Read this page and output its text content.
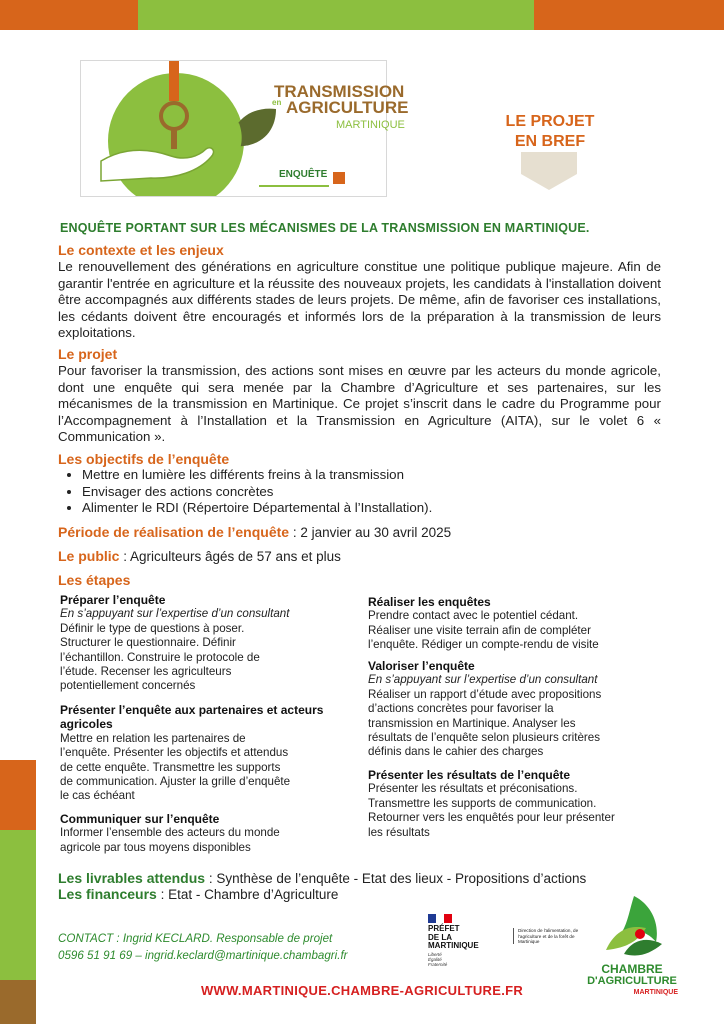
TRANSMISSION
en AGRICULTURE
MARTINIQUE
ENQUÊTE
LE PROJET
EN BREF
ENQUÊTE PORTANT SUR LES MÉCANISMES DE LA TRANSMISSION EN MARTINIQUE.
Le contexte et les enjeux
Le renouvellement des générations en agriculture constitue une politique publique majeure. Afin de garantir l'entrée en agriculture et la réussite des nouveaux projets, les candidats à l'installation doivent être accompagnés aux différents stades de leurs projets. De même, afin de favoriser ces installations, les cédants doivent être encouragés et informés lors de la préparation à la transmission de leurs exploitations.
Le projet
Pour favoriser la transmission, des actions sont mises en œuvre par les acteurs du monde agricole, dont une enquête qui sera menée par la Chambre d’Agriculture et ses partenaires, sur les mécanismes de la transmission en Martinique. Ce projet s’inscrit dans le cadre du Programme pour l’Accompagnement à l’Installation et la Transmission en Agriculture (AITA), sur le volet 6 « Communication ».
Les objectifs de l’enquête
• Mettre en lumière les différents freins à la transmission
• Envisager des actions concrètes
• Alimenter le RDI (Répertoire Départemental à l’Installation).
Période de réalisation de l’enquête : 2 janvier au 30 avril 2025
Le public : Agriculteurs âgés de 57 ans et plus
Les étapes
Préparer l’enquête
En s’appuyant sur l’expertise d’un consultant
Définir le type de questions à poser.
Structurer le questionnaire. Définir
l’échantillon. Construire le protocole de
l’étude. Recenser les agriculteurs
potentiellement concernés
Présenter l’enquête aux partenaires et acteurs agricoles
Mettre en relation les partenaires de
l’enquête. Présenter les objectifs et attendus
de cette enquête. Transmettre les supports
de communication. Ajuster la grille d’enquête
le cas échéant
Communiquer sur l’enquête
Informer l’ensemble des acteurs du monde
agricole par tous moyens disponibles
Réaliser les enquêtes
Prendre contact avec le potentiel cédant.
Réaliser une visite terrain afin de compléter
l’enquête. Rédiger un compte-rendu de visite
Valoriser l’enquête
En s’appuyant sur l’expertise d’un consultant
Réaliser un rapport d’étude avec propositions
d’actions concrètes pour favoriser la
transmission en Martinique. Analyser les
résultats de l’enquête selon plusieurs critères
définis dans le cahier des charges
Présenter les résultats de l’enquête
Présenter les résultats et préconisations.
Transmettre les supports de communication.
Retourner vers les enquêtés pour leur présenter
les résultats
Les livrables attendus : Synthèse de l’enquête - Etat des lieux - Propositions d’actions
Les financeurs : Etat - Chambre d’Agriculture
CONTACT : Ingrid KECLARD. Responsable de projet
0596 51 91 69 – ingrid.keclard@martinique.chambagri.fr
PRÉFET
DE LA
MARTINIQUE
Liberté
Égalité
Fraternité
Direction de l'alimentation, de l'agriculture et de la forêt de Martinique
CHAMBRE
D'AGRICULTURE
MARTINIQUE
WWW.MARTINIQUE.CHAMBRE-AGRICULTURE.FR
